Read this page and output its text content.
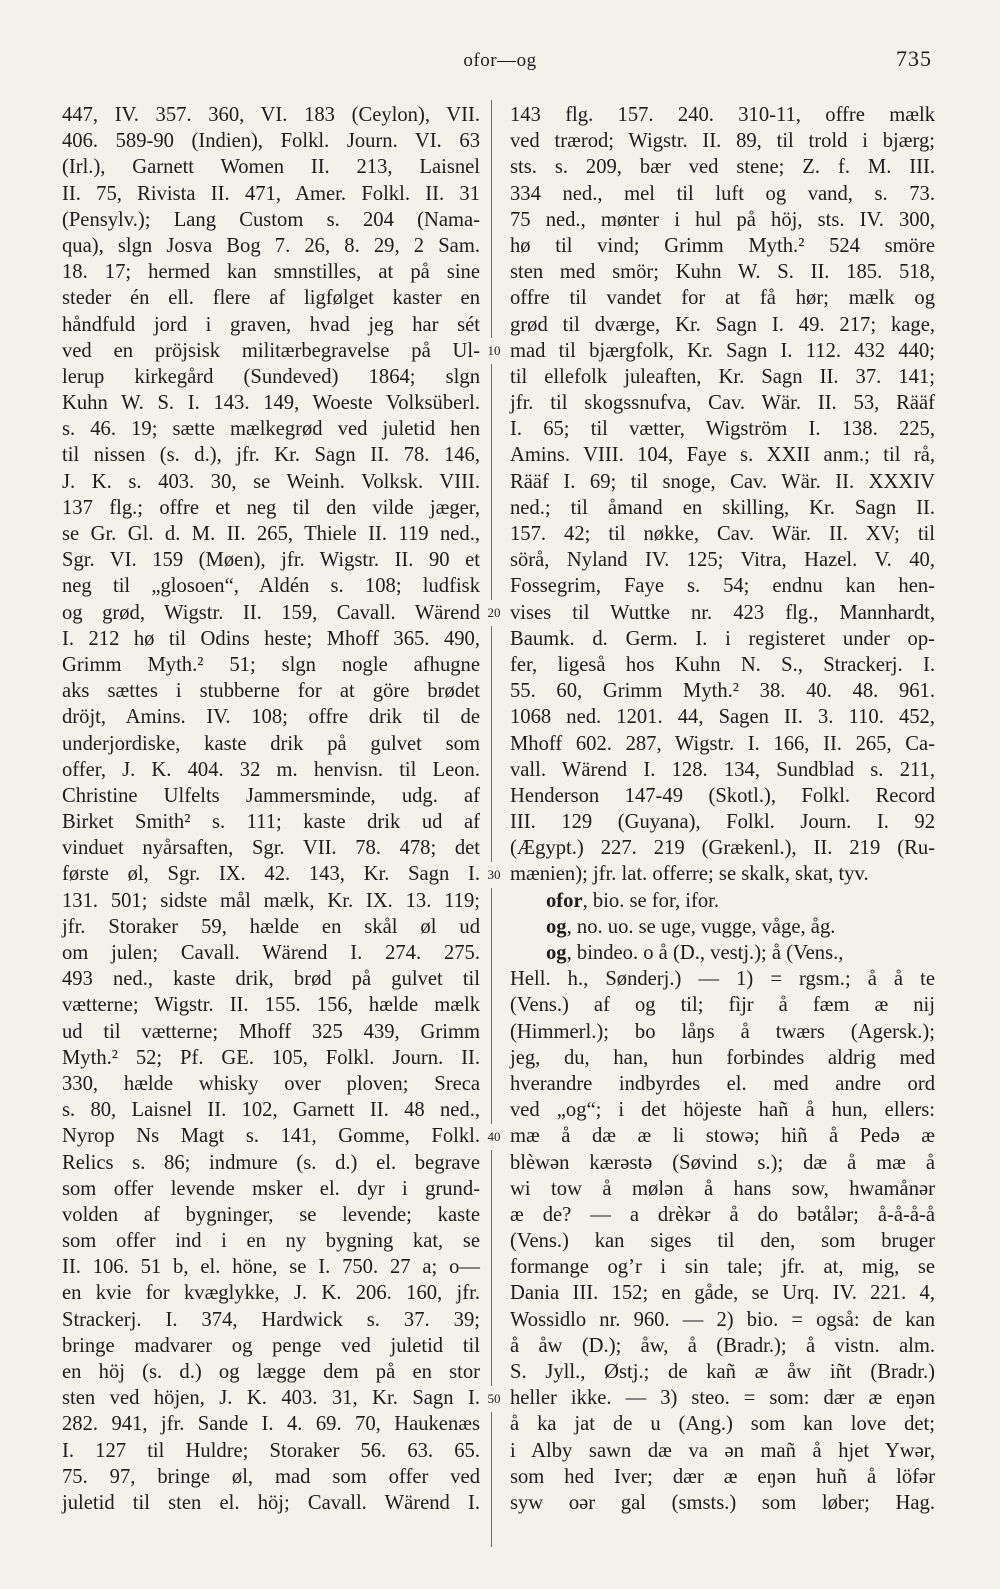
ofor—og	735
447, IV. 357. 360, VI. 183 (Ceylon), VII.
406. 589-90 (Indien), Folkl. Journ. VI. 63
(Irl.), Garnett Women II. 213, Laisnel
II. 75, Rivista II. 471, Amer. Folkl. II. 31
(Pensylv.); Lang Custom s. 204 (Nama-
qua), slgn Josva Bog 7. 26, 8. 29, 2 Sam.
18. 17; hermed kan smnstilles, at på sine
steder én ell. flere af ligfølget kaster en
håndfuld jord i graven, hvad jeg har sét
ved en pröjsisk militærbegravelse på Ul-
lerup kirkegård (Sundeved) 1864; slgn
Kuhn W. S. I. 143. 149, Woeste Volksüberl.
s. 46. 19; sætte mælkegrød ved juletid hen
til nissen (s. d.), jfr. Kr. Sagn II. 78. 146,
J. K. s. 403. 30, se Weinh. Volksk. VIII.
137 flg.; offre et neg til den vilde jæger,
se Gr. Gl. d. M. II. 265, Thiele II. 119 ned.,
Sgr. VI. 159 (Møen), jfr. Wigstr. II. 90 et
neg til „glosoen“, Aldén s. 108; ludfisk
og grød, Wigstr. II. 159, Cavall. Wärend
I. 212 hø til Odins heste; Mhoff 365. 490,
Grimm Myth.² 51; slgn nogle afhugne
aks sættes i stubberne for at göre brødet
dröjt, Amins. IV. 108; offre drik til de
underjordiske, kaste drik på gulvet som
offer, J. K. 404. 32 m. henvisn. til Leon.
Christine Ulfelts Jammersminde, udg. af
Birket Smith² s. 111; kaste drik ud af
vinduet nyårsaften, Sgr. VII. 78. 478; det
første øl, Sgr. IX. 42. 143, Kr. Sagn I.
131. 501; sidste mål mælk, Kr. IX. 13. 119;
jfr. Storaker 59, hælde en skål øl ud
om julen; Cavall. Wärend I. 274. 275.
493 ned., kaste drik, brød på gulvet til
vætterne; Wigstr. II. 155. 156, hælde mælk
ud til vætterne; Mhoff 325 439, Grimm
Myth.² 52; Pf. GE. 105, Folkl. Journ. II.
330, hælde whisky over ploven; Sreca
s. 80, Laisnel II. 102, Garnett II. 48 ned.,
Nyrop Ns Magt s. 141, Gomme, Folkl.
Relics s. 86; indmure (s. d.) el. begrave
som offer levende msker el. dyr i grund-
volden af bygninger, se levende; kaste
som offer ind i en ny bygning kat, se
II. 106. 51 b, el. höne, se I. 750. 27 a; o—
en kvie for kvæglykke, J. K. 206. 160, jfr.
Strackerj. I. 374, Hardwick s. 37. 39;
bringe madvarer og penge ved juletid til
en höj (s. d.) og lægge dem på en stor
sten ved höjen, J. K. 403. 31, Kr. Sagn I.
282. 941, jfr. Sande I. 4. 69. 70, Haukenæs
I. 127 til Huldre; Storaker 56. 63. 65.
75. 97, bringe øl, mad som offer ved
juletid til sten el. höj; Cavall. Wärend I.
143 flg. 157. 240. 310-11, offre mælk
ved trærod; Wigstr. II. 89, til trold i bjærg;
sts. s. 209, bær ved stene; Z. f. M. III.
334 ned., mel til luft og vand, s. 73.
75 ned., mønter i hul på höj, sts. IV. 300,
hø til vind; Grimm Myth.² 524 smöre
sten med smör; Kuhn W. S. II. 185. 518,
offre til vandet for at få hør; mælk og
grød til dværge, Kr. Sagn I. 49. 217; kage,
mad til bjærgfolk, Kr. Sagn I. 112. 432 440;
til ellefolk juleaften, Kr. Sagn II. 37. 141;
jfr. til skogssnufva, Cav. Wär. II. 53, Rääf
I. 65; til vætter, Wigström I. 138. 225,
Amins. VIII. 104, Faye s. XXII anm.; til rå,
Rääf I. 69; til snoge, Cav. Wär. II. XXXIV
ned.; til åmand en skilling, Kr. Sagn II.
157. 42; til nøkke, Cav. Wär. II. XV; til
sörå, Nyland IV. 125; Vitra, Hazel. V. 40,
Fossegrim, Faye s. 54; endnu kan hen-
vises til Wuttke nr. 423 flg., Mannhardt,
Baumk. d. Germ. I. i registeret under op-
fer, ligeså hos Kuhn N. S., Strackerj. I.
55. 60, Grimm Myth.² 38. 40. 48. 961.
1068 ned. 1201. 44, Sagen II. 3. 110. 452,
Mhoff 602. 287, Wigstr. I. 166, II. 265, Ca-
vall. Wärend I. 128. 134, Sundblad s. 211,
Henderson 147-49 (Skotl.), Folkl. Record
III. 129 (Guyana), Folkl. Journ. I. 92
(Ægypt.) 227. 219 (Grækenl.), II. 219 (Ru-
mænien); jfr. lat. offerre; se skalk, skat, tyv.
ofor, bio. se for, ifor.
og, no. uo. se uge, vugge, våge, åg.
og, bindeo. o å (D., vestj.); å (Vens.,
Hell. h., Sønderj.) — 1) = rgsm.; å å te
(Vens.) af og til; fìjr å fæm æ nij
(Himmerl.); bo låŋs å twærs (Agersk.);
jeg, du, han, hun forbindes aldrig med
hverandre indbyrdes el. med andre ord
ved „og“; i det höjeste hañ å hun, ellers:
mæ å dæ æ li stowə; hiñ å Pedə æ
blèwən kærəstə (Søvind s.); dæ å mæ å
wi tow å mølən å hans sow, hwamånər
æ de? — a drèkər å do bətålər; å-å-å-å
(Vens.) kan siges til den, som bruger
formange og’r i sin tale; jfr. at, mig, se
Dania III. 152; en gåde, se Urq. IV. 221. 4,
Wossidlo nr. 960. — 2) bio. = også: de kan
å åw (D.); åw, å (Bradr.); å vistn. alm.
S. Jyll., Østj.; de kañ æ åw iñt (Bradr.)
heller ikke. — 3) steo. = som: dær æ eŋən
å ka jat de u (Ang.) som kan love det;
i Alby sawn dæ va ən mañ å hjet Ywər,
som hed Iver; dær æ eŋən huñ å löfər
syw oər gal (smsts.) som løber; Hag.
10
20
30
40
50
